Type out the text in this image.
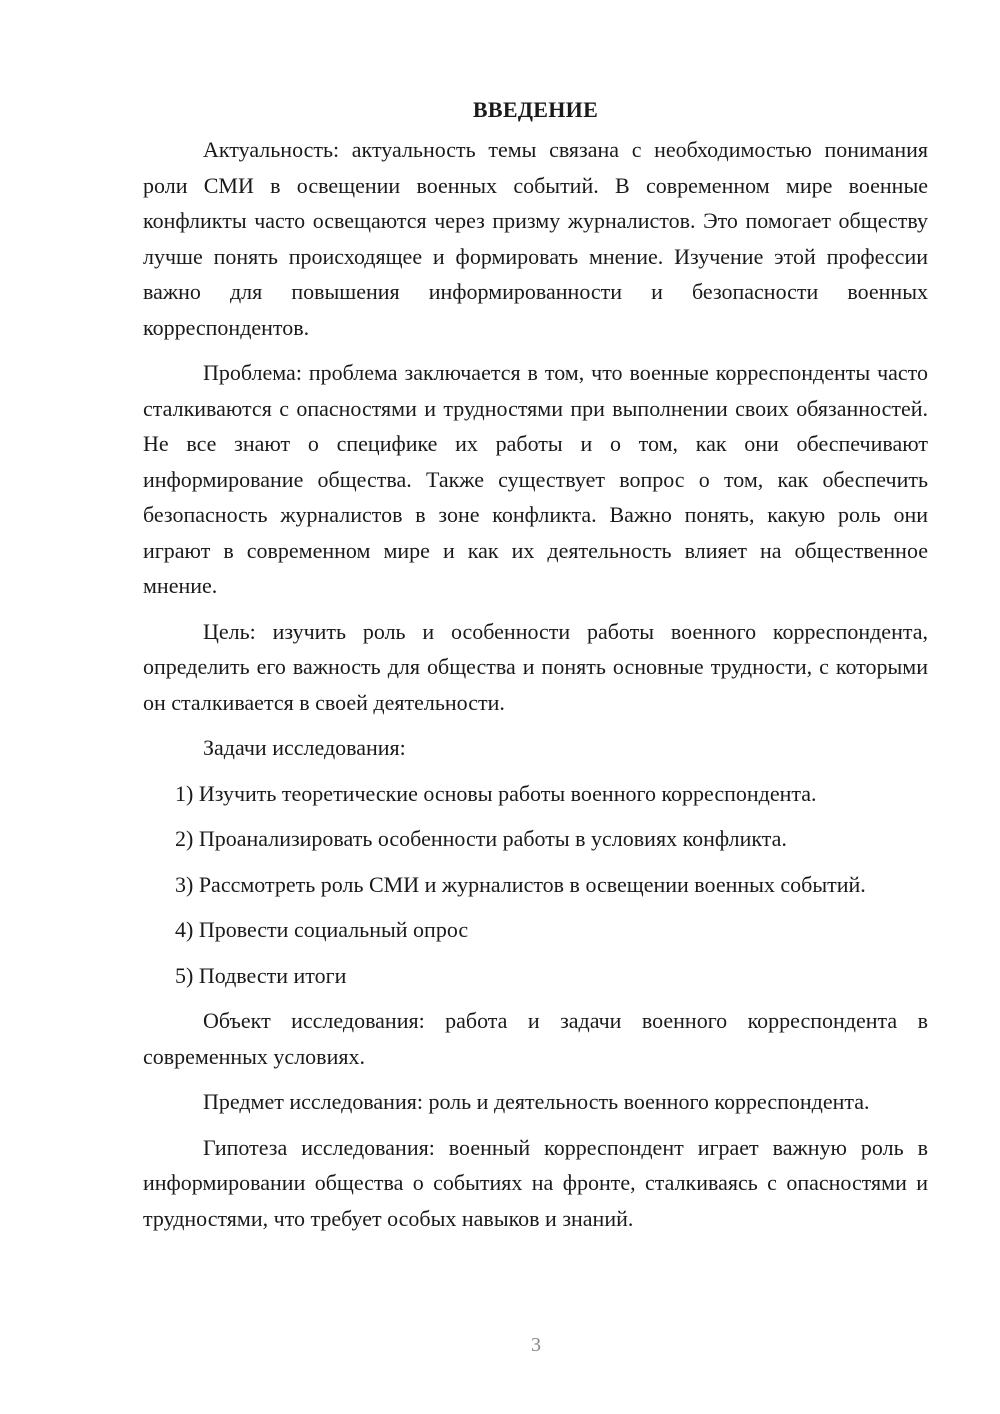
ВВЕДЕНИЕ

Актуальность: актуальность темы связана с необходимостью понимания роли СМИ в освещении военных событий. В современном мире военные конфликты часто освещаются через призму журналистов. Это помогает обществу лучше понять происходящее и формировать мнение. Изучение этой профессии важно для повышения информированности и безопасности военных корреспондентов.

Проблема: проблема заключается в том, что военные корреспонденты часто сталкиваются с опасностями и трудностями при выполнении своих обязанностей. Не все знают о специфике их работы и о том, как они обеспечивают информирование общества. Также существует вопрос о том, как обеспечить безопасность журналистов в зоне конфликта. Важно понять, какую роль они играют в современном мире и как их деятельность влияет на общественное мнение.

Цель: изучить роль и особенности работы военного корреспондента, определить его важность для общества и понять основные трудности, с которыми он сталкивается в своей деятельности.

Задачи исследования:

1) Изучить теоретические основы работы военного корреспондента.

2) Проанализировать особенности работы в условиях конфликта.

3) Рассмотреть роль СМИ и журналистов в освещении военных событий.

4) Провести социальный опрос

5) Подвести итоги

Объект исследования: работа и задачи военного корреспондента в современных условиях.

Предмет исследования: роль и деятельность военного корреспондента.

Гипотеза исследования: военный корреспондент играет важную роль в информировании общества о событиях на фронте, сталкиваясь с опасностями и трудностями, что требует особых навыков и знаний.

3
